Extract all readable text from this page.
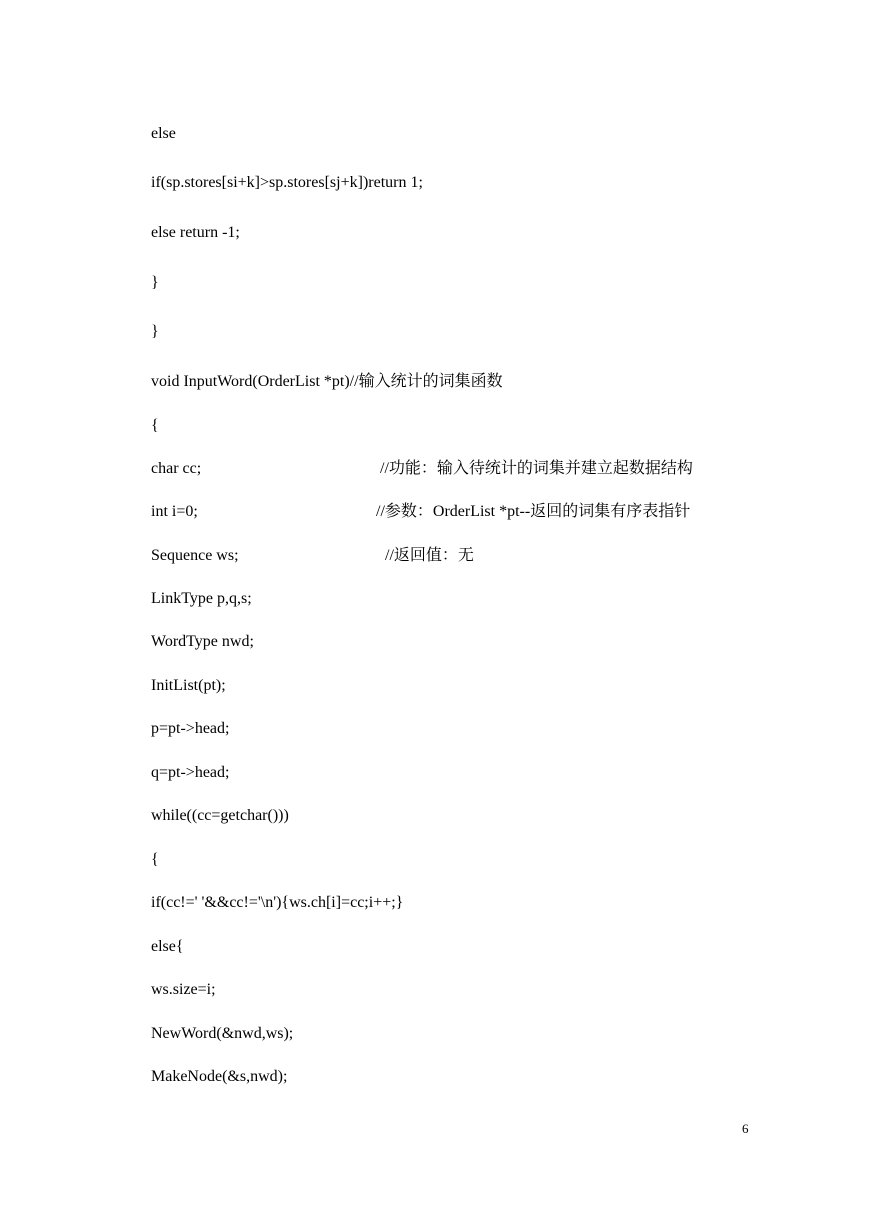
else
if(sp.stores[si+k]>sp.stores[sj+k])return 1;
else return -1;
}
}
void InputWord(OrderList *pt)//输入统计的词集函数
{
char cc;	//功能：输入待统计的词集并建立起数据结构
int i=0;	//参数：OrderList *pt--返回的词集有序表指针
Sequence ws;	//返回值：无
LinkType p,q,s;
WordType nwd;
InitList(pt);
p=pt->head;
q=pt->head;
while((cc=getchar()))
{
if(cc!=' '&&cc!='\n'){ws.ch[i]=cc;i++;}
else{
ws.size=i;
NewWord(&nwd,ws);
MakeNode(&s,nwd);
6
